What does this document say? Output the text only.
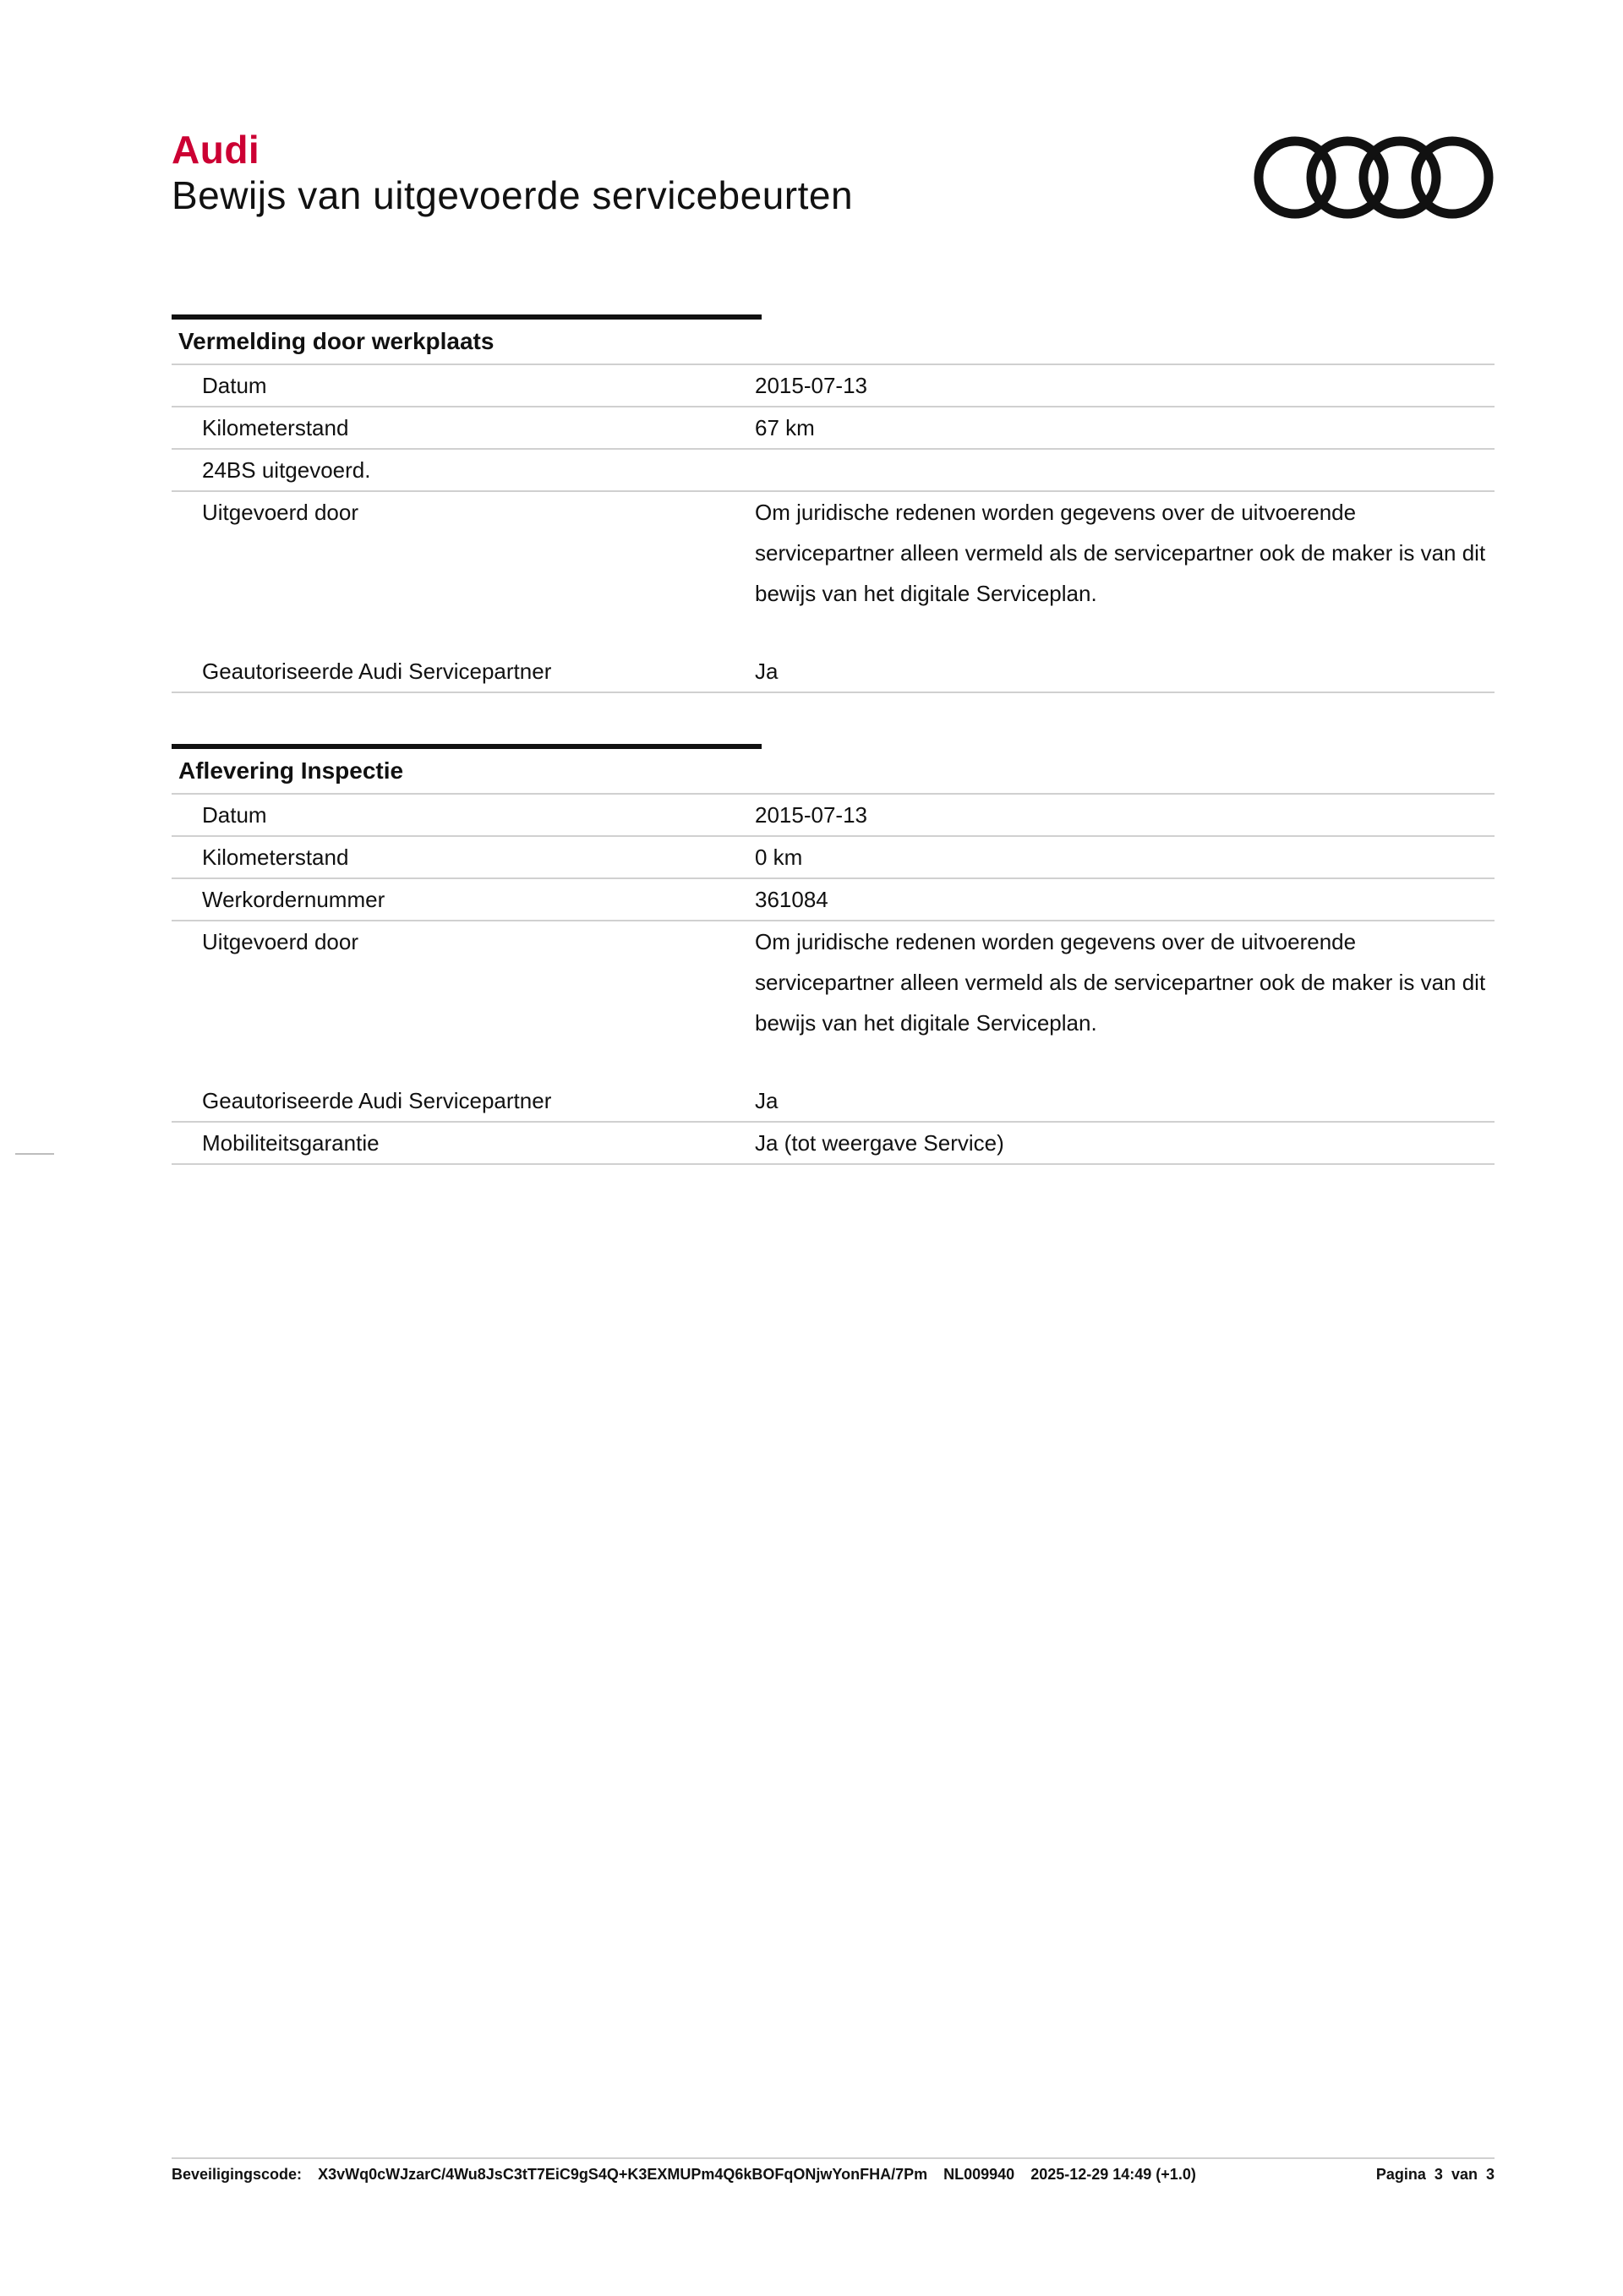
Audi
Bewijs van uitgevoerde servicebeurten
Vermelding door werkplaats
Datum	2015-07-13
Kilometerstand	67 km
24BS uitgevoerd.
Uitgevoerd door	Om juridische redenen worden gegevens over de uitvoerende servicepartner alleen vermeld als de servicepartner ook de maker is van dit bewijs van het digitale Serviceplan.
Geautoriseerde Audi Servicepartner	Ja
Aflevering Inspectie
Datum	2015-07-13
Kilometerstand	0 km
Werkordernummer	361084
Uitgevoerd door	Om juridische redenen worden gegevens over de uitvoerende servicepartner alleen vermeld als de servicepartner ook de maker is van dit bewijs van het digitale Serviceplan.
Geautoriseerde Audi Servicepartner	Ja
Mobiliteitsgarantie	Ja (tot weergave Service)
Beveiligingscode: X3vWq0cWJzarC/4Wu8JsC3tT7EiC9gS4Q+K3EXMUPm4Q6kBOFqONjwYonFHA/7Pm NL009940 2025-12-29 14:49 (+1.0)	Pagina 3 van 3
